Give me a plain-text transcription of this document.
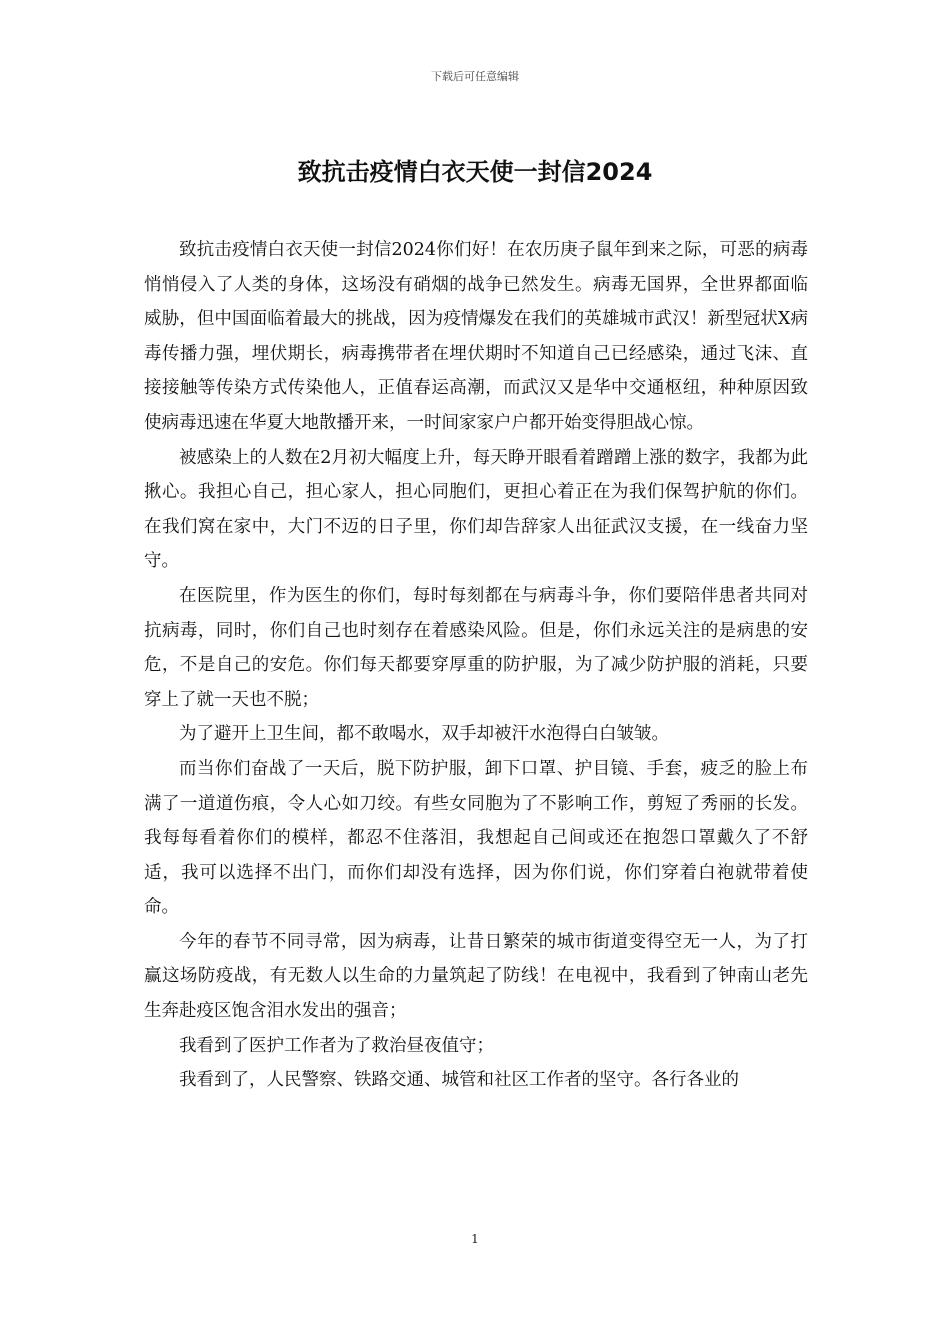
下载后可任意编辑
致抗击疫情白衣天使一封信2024

致抗击疫情白衣天使一封信2024你们好！在农历庚子鼠年到来之际，可恶的病毒悄悄侵入了人类的身体，这场没有硝烟的战争已然发生。病毒无国界，全世界都面临威胁，但中国面临着最大的挑战，因为疫情爆发在我们的英雄城市武汉！新型冠状X病毒传播力强，埋伏期长，病毒携带者在埋伏期时不知道自己已经感染，通过飞沫、直接接触等传染方式传染他人，正值春运高潮，而武汉又是华中交通枢纽，种种原因致使病毒迅速在华夏大地散播开来，一时间家家户户都开始变得胆战心惊。

被感染上的人数在2月初大幅度上升，每天睁开眼看着蹭蹭上涨的数字，我都为此揪心。我担心自己，担心家人，担心同胞们，更担心着正在为我们保驾护航的你们。在我们窝在家中，大门不迈的日子里，你们却告辞家人出征武汉支援，在一线奋力坚守。

在医院里，作为医生的你们，每时每刻都在与病毒斗争，你们要陪伴患者共同对抗病毒，同时，你们自己也时刻存在着感染风险。但是，你们永远关注的是病患的安危，不是自己的安危。你们每天都要穿厚重的防护服，为了减少防护服的消耗，只要穿上了就一天也不脱；

为了避开上卫生间，都不敢喝水，双手却被汗水泡得白白皱皱。

而当你们奋战了一天后，脱下防护服，卸下口罩、护目镜、手套，疲乏的脸上布满了一道道伤痕，令人心如刀绞。有些女同胞为了不影响工作，剪短了秀丽的长发。我每每看着你们的模样，都忍不住落泪，我想起自己间或还在抱怨口罩戴久了不舒适，我可以选择不出门，而你们却没有选择，因为你们说，你们穿着白袍就带着使命。

今年的春节不同寻常，因为病毒，让昔日繁荣的城市街道变得空无一人，为了打赢这场防疫战，有无数人以生命的力量筑起了防线！在电视中，我看到了钟南山老先生奔赴疫区饱含泪水发出的强音；

我看到了医护工作者为了救治昼夜值守；

我看到了，人民警察、铁路交通、城管和社区工作者的坚守。各行各业的

1
